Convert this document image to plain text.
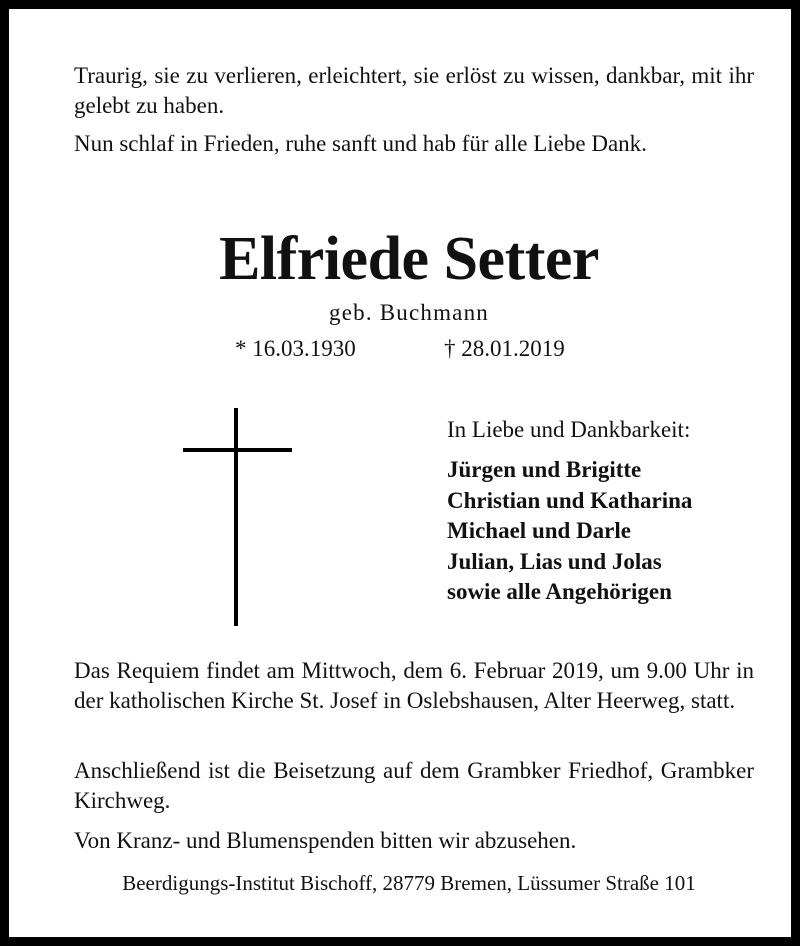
Traurig, sie zu verlieren, erleichtert, sie erlöst zu wissen, dankbar, mit ihr gelebt zu haben.

Nun schlaf in Frieden, ruhe sanft und hab für alle Liebe Dank.

Elfriede Setter
geb. Buchmann
* 16.03.1930	† 28.01.2019
In Liebe und Dankbarkeit:
Jürgen und Brigitte
Christian und Katharina
Michael und Darle
Julian, Lias und Jolas
sowie alle Angehörigen

Das Requiem findet am Mittwoch, dem 6. Februar 2019, um 9.00 Uhr in der katholischen Kirche St. Josef in Oslebshausen, Alter Heerweg, statt.

Anschließend ist die Beisetzung auf dem Grambker Friedhof, Grambker Kirchweg.

Von Kranz- und Blumenspenden bitten wir abzusehen.

Beerdigungs-Institut Bischoff, 28779 Bremen, Lüssumer Straße 101
